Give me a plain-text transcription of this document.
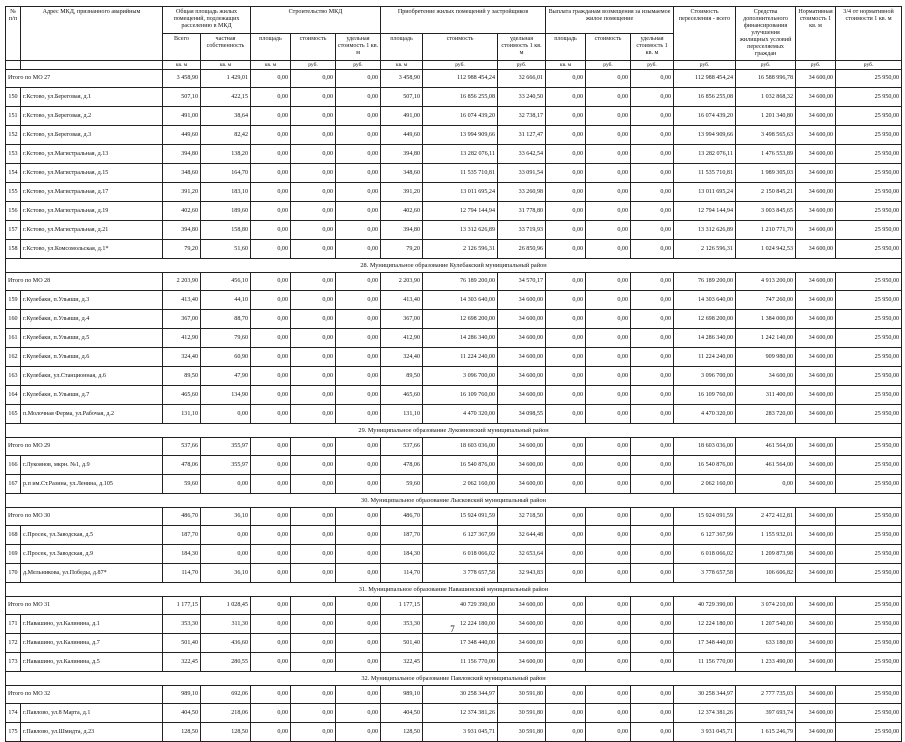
№ п/п	Адрес МКД, признанного аварийным	Общая площадь жилых помещений, подлежащих расселению в МКД		Строительство МКД			Приобретение жилых помещений у застройщиков			Выплата гражданам возмещения за изымаемое жилое помещение			Стоимость переселения - всего	Средства дополнительного финансирования улучшения жилищных условий переселяемых граждан	Нормативная стоимость 1 кв. м	3/4 от нормативной стоимости 1 кв. м
		Всего	частная собственность	площадь	стоимость	удельная стоимость 1 кв. м	площадь	стоимость	удельная стоимость 1 кв. м	площадь	стоимость	удельная стоимость 1 кв. м				
		кв. м	кв. м	кв. м	руб.	руб.	кв. м	руб.	руб.	кв. м	руб.	руб.	руб.	руб.	руб.	руб.
Итого по МО 27		3 458,90	1 429,01	0,00	0,00	0,00	3 458,90	112 988 454,24	32 666,01	0,00	0,00	0,00	112 988 454,24	16 588 996,78	34 600,00	25 950,00
150	г.Кстово, ул.Береговая, д.1	507,10	422,15	0,00	0,00	0,00	507,10	16 856 255,08	33 240,50	0,00	0,00	0,00	16 856 255,08	1 032 868,32	34 600,00	25 950,00
151	г.Кстово, ул.Береговая, д.2	491,00	38,64	0,00	0,00	0,00	491,00	16 074 439,20	32 738,17	0,00	0,00	0,00	16 074 439,20	1 201 340,80	34 600,00	25 950,00
152	г.Кстово, ул.Береговая, д.3	449,60	82,42	0,00	0,00	0,00	449,60	13 994 909,66	31 127,47	0,00	0,00	0,00	13 994 909,66	3 498 565,63	34 600,00	25 950,00
153	г.Кстово, ул.Магистральная, д.13	394,80	138,20	0,00	0,00	0,00	394,80	13 282 076,11	33 642,54	0,00	0,00	0,00	13 282 076,11	1 476 553,89	34 600,00	25 950,00
154	г.Кстово, ул.Магистральная, д.15	348,60	164,70	0,00	0,00	0,00	348,60	11 535 710,81	33 091,54	0,00	0,00	0,00	11 535 710,81	1 989 305,03	34 600,00	25 950,00
155	г.Кстово, ул.Магистральная, д.17	391,20	183,10	0,00	0,00	0,00	391,20	13 011 695,24	33 260,98	0,00	0,00	0,00	13 011 695,24	2 150 845,21	34 600,00	25 950,00
156	г.Кстово, ул.Магистральная, д.19	402,60	189,60	0,00	0,00	0,00	402,60	12 794 144,94	31 778,80	0,00	0,00	0,00	12 794 144,94	3 003 845,65	34 600,00	25 950,00
157	г.Кстово, ул.Магистральная, д.21	394,80	158,80	0,00	0,00	0,00	394,80	13 312 626,89	33 719,93	0,00	0,00	0,00	13 312 626,89	1 210 771,70	34 600,00	25 950,00
158	г.Кстово, ул.Комсомольская, д.1*	79,20	51,60	0,00	0,00	0,00	79,20	2 126 596,31	26 850,96	0,00	0,00	0,00	2 126 596,31	1 024 942,53	34 600,00	25 950,00
28. Муниципальное образование Кулебакский муниципальный район																
Итого по МО 28		2 203,90	456,10	0,00	0,00	0,00	2 203,90	76 189 200,00	34 570,17	0,00	0,00	0,00	76 189 200,00	4 913 200,00	34 600,00	25 950,00
159	г.Кулебаки, п.Ульяши, д.3	413,40	44,10	0,00	0,00	0,00	413,40	14 303 640,00	34 600,00	0,00	0,00	0,00	14 303 640,00	747 260,00	34 600,00	25 950,00
160	г.Кулебаки, п.Ульяши, д.4	367,00	88,70	0,00	0,00	0,00	367,00	12 698 200,00	34 600,00	0,00	0,00	0,00	12 698 200,00	1 384 000,00	34 600,00	25 950,00
161	г.Кулебаки, п.Ульяши, д.5	412,90	79,60	0,00	0,00	0,00	412,90	14 286 340,00	34 600,00	0,00	0,00	0,00	14 286 340,00	1 242 140,00	34 600,00	25 950,00
162	г.Кулебаки, п.Ульяши, д.6	324,40	60,90	0,00	0,00	0,00	324,40	11 224 240,00	34 600,00	0,00	0,00	0,00	11 224 240,00	909 980,00	34 600,00	25 950,00
163	г.Кулебаки, ул.Станционная, д.6	89,50	47,90	0,00	0,00	0,00	89,50	3 096 700,00	34 600,00	0,00	0,00	0,00	3 096 700,00	34 600,00	34 600,00	25 950,00
164	г.Кулебаки, п.Ульяши, д.7	465,60	134,90	0,00	0,00	0,00	465,60	16 109 760,00	34 600,00	0,00	0,00	0,00	16 109 760,00	311 400,00	34 600,00	25 950,00
165	п.Молочная Ферма, ул.Рабочая, д.2	131,10	0,00	0,00	0,00	0,00	131,10	4 470 320,00	34 098,55	0,00	0,00	0,00	4 470 320,00	283 720,00	34 600,00	25 950,00
29. Муниципальное образование Лукояновский муниципальный район																
Итого по МО 29		537,66	355,97	0,00	0,00	0,00	537,66	18 603 036,00	34 600,00	0,00	0,00	0,00	18 603 036,00	461 564,00	34 600,00	25 950,00
166	г.Лукоянов, мкрн. №1, д.9	478,06	355,97	0,00	0,00	0,00	478,06	16 540 876,00	34 600,00	0,00	0,00	0,00	16 540 876,00	461 564,00	34 600,00	25 950,00
167	р.п им.Ст.Разина, ул.Ленина, д.105	59,60	0,00	0,00	0,00	0,00	59,60	2 062 160,00	34 600,00	0,00	0,00	0,00	2 062 160,00	0,00	34 600,00	25 950,00
30. Муниципальное образование Лысковский муниципальный район																
Итого по МО 30		486,70	36,10	0,00	0,00	0,00	486,70	15 924 091,59	32 718,50	0,00	0,00	0,00	15 924 091,59	2 472 412,81	34 600,00	25 950,00
168	с.Просек, ул.Заводская, д.5	187,70	0,00	0,00	0,00	0,00	187,70	6 127 367,99	32 644,48	0,00	0,00	0,00	6 127 367,99	1 155 932,01	34 600,00	25 950,00
169	с.Просек, ул.Заводская, д.9	184,30	0,00	0,00	0,00	0,00	184,30	6 018 066,02	32 653,64	0,00	0,00	0,00	6 018 066,02	1 209 873,98	34 600,00	25 950,00
170	д.Мельникова, ул.Победы, д.87*	114,70	36,10	0,00	0,00	0,00	114,70	3 778 657,58	32 943,83	0,00	0,00	0,00	3 778 657,58	106 606,82	34 600,00	25 950,00
31. Муниципальное образование Навашинский муниципальный район																
Итого по МО 31		1 177,15	1 028,45	0,00	0,00	0,00	1 177,15	40 729 390,00	34 600,00	0,00	0,00	0,00	40 729 390,00	3 074 210,00	34 600,00	25 950,00
171	г.Навашино, ул.Калинина, д.1	353,30	311,30	0,00	0,00	0,00	353,30	12 224 180,00	34 600,00	0,00	0,00	0,00	12 224 180,00	1 207 540,00	34 600,00	25 950,00
172	г.Навашино, ул.Калинина, д.7	501,40	436,60	0,00	0,00	0,00	501,40	17 348 440,00	34 600,00	0,00	0,00	0,00	17 348 440,00	633 180,00	34 600,00	25 950,00
173	г.Навашино, ул.Калинина, д.5	322,45	280,55	0,00	0,00	0,00	322,45	11 156 770,00	34 600,00	0,00	0,00	0,00	11 156 770,00	1 233 490,00	34 600,00	25 950,00
32. Муниципальное образование Павловский муниципальный район																
Итого по МО 32		989,10	692,06	0,00	0,00	0,00	989,10	30 258 344,97	30 591,80	0,00	0,00	0,00	30 258 344,97	2 777 735,03	34 600,00	25 950,00
174	г.Павлово, ул.8 Марта, д.1	404,50	218,06	0,00	0,00	0,00	404,50	12 374 381,26	30 591,80	0,00	0,00	0,00	12 374 381,26	397 693,74	34 600,00	25 950,00
175	г.Павлово, ул.Шмидта, д.23	128,50	128,50	0,00	0,00	0,00	128,50	3 931 045,71	30 591,80	0,00	0,00	0,00	3 931 045,71	1 615 246,79	34 600,00	25 950,00
7
